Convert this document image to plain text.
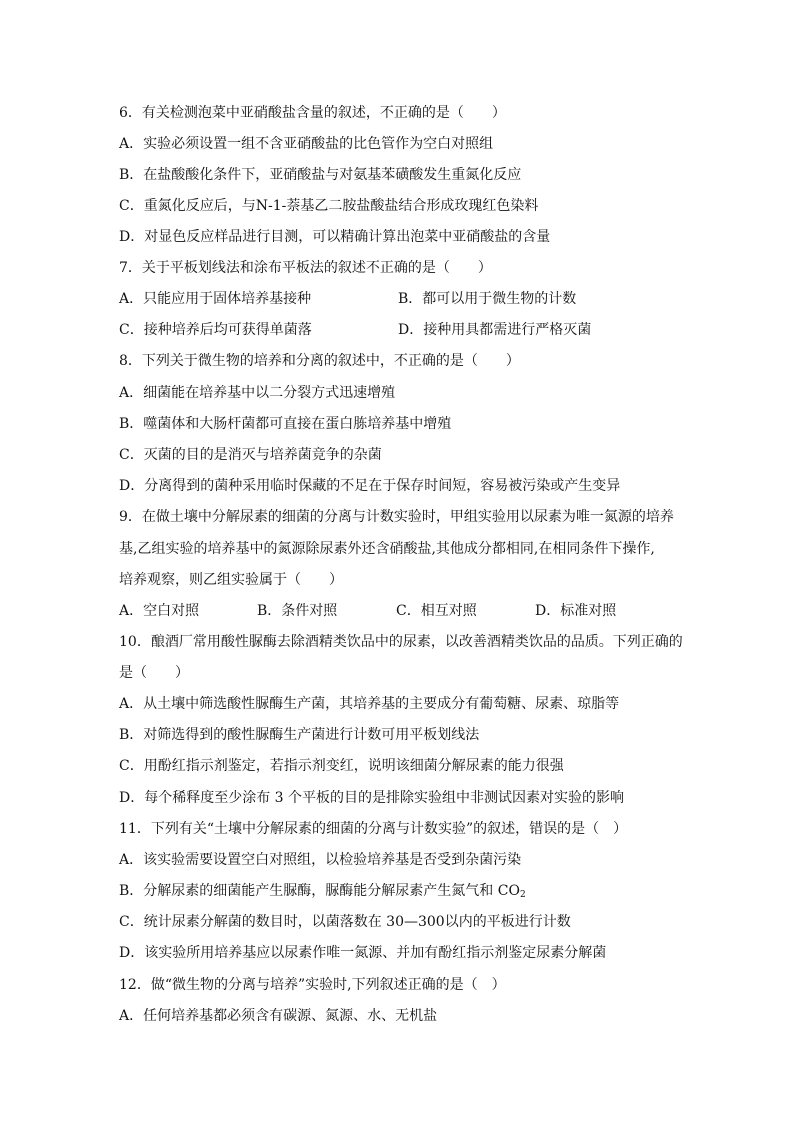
6．有关检测泡菜中亚硝酸盐含量的叙述，不正确的是（　　）
A．实验必须设置一组不含亚硝酸盐的比色管作为空白对照组
B．在盐酸酸化条件下，亚硝酸盐与对氨基苯磺酸发生重氮化反应
C．重氮化反应后，与N-1-萘基乙二胺盐酸盐结合形成玫瑰红色染料
D．对显色反应样品进行目测，可以精确计算出泡菜中亚硝酸盐的含量
7．关于平板划线法和涂布平板法的叙述不正确的是（　　）
A．只能应用于固体培养基接种	B．都可以用于微生物的计数
C．接种培养后均可获得单菌落	D．接种用具都需进行严格灭菌
8．下列关于微生物的培养和分离的叙述中，不正确的是（　　）
A．细菌能在培养基中以二分裂方式迅速增殖
B．噬菌体和大肠杆菌都可直接在蛋白胨培养基中增殖
C．灭菌的目的是消灭与培养菌竞争的杂菌
D．分离得到的菌种采用临时保藏的不足在于保存时间短，容易被污染或产生变异
9．在做土壤中分解尿素的细菌的分离与计数实验时，甲组实验用以尿素为唯一氮源的培养
基,乙组实验的培养基中的氮源除尿素外还含硝酸盐,其他成分都相同,在相同条件下操作,
培养观察，则乙组实验属于（　　）
A．空白对照	B．条件对照	C．相互对照	D．标准对照
10．酿酒厂常用酸性脲酶去除酒精类饮品中的尿素，以改善酒精类饮品的品质。下列正确的
是（　　）
A．从土壤中筛选酸性脲酶生产菌，其培养基的主要成分有葡萄糖、尿素、琼脂等
B．对筛选得到的酸性脲酶生产菌进行计数可用平板划线法
C．用酚红指示剂鉴定，若指示剂变红，说明该细菌分解尿素的能力很强
D．每个稀释度至少涂布 3 个平板的目的是排除实验组中非测试因素对实验的影响
11．下列有关“土壤中分解尿素的细菌的分离与计数实验”的叙述，错误的是（　）
A．该实验需要设置空白对照组，以检验培养基是否受到杂菌污染
B．分解尿素的细菌能产生脲酶，脲酶能分解尿素产生氮气和 $CO_2$
C．统计尿素分解菌的数目时，以菌落数在 30—300以内的平板进行计数
D．该实验所用培养基应以尿素作唯一氮源、并加有酚红指示剂鉴定尿素分解菌
12．做“微生物的分离与培养”实验时,下列叙述正确的是（　）
A．任何培养基都必须含有碳源、氮源、水、无机盐
